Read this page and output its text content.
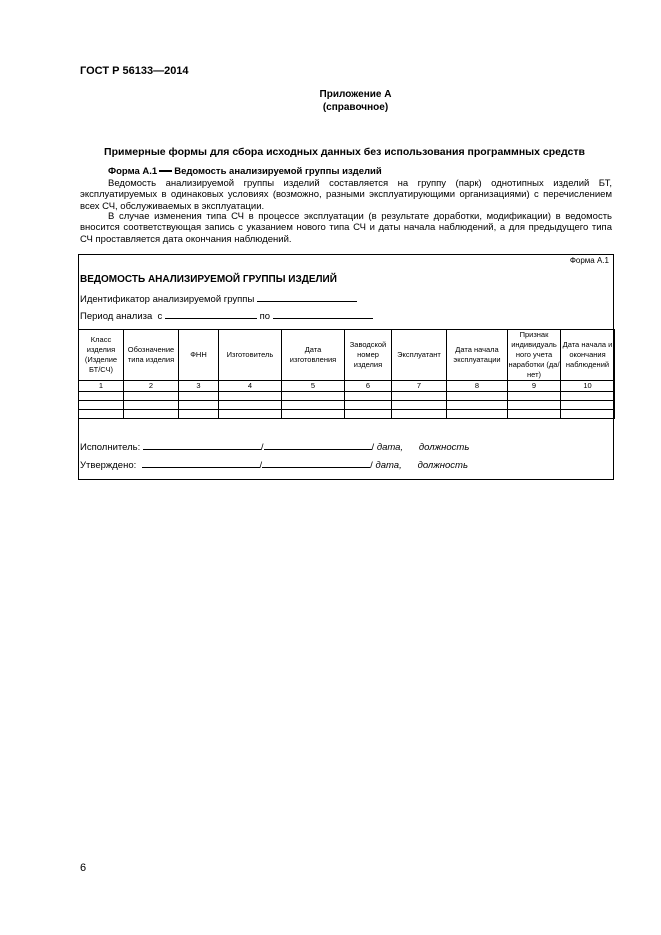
ГОСТ Р 56133—2014
Приложение А
(справочное)
Примерные формы для сбора исходных данных без использования программных средств
Форма А.1 Ведомость анализируемой группы изделий
Ведомость анализируемой группы изделий составляется на группу (парк) однотипных изделий БТ, эксплуатируемых в одинаковых условиях (возможно, разными эксплуатирующими организациями) с перечислением всех СЧ, обслуживаемых в эксплуатации.
В случае изменения типа СЧ в процессе эксплуатации (в результате доработки, модификации) в ведомость вносится соответствующая запись с указанием нового типа СЧ и даты начала наблюдений, а для предыдущего типа СЧ проставляется дата окончания наблюдений.
Форма А.1
ВЕДОМОСТЬ АНАЛИЗИРУЕМОЙ ГРУППЫ ИЗДЕЛИЙ
Идентификатор анализируемой группы
Период анализа с	по
Класс изделия (Изделие БТ/СЧ)	Обозначение типа изделия	ФНН	Изготовитель	Дата изготовления	Заводской номер изделия	Эксплуатант	Дата начала эксплуатации	Признак индивидуаль ного учета наработки (да/нет)	Дата начала и окончания наблюдений
1	2	3	4	5	6	7	8	9	10

Исполнитель:	/	/ дата, должность
Утверждено:	/	/ дата, должность
6
